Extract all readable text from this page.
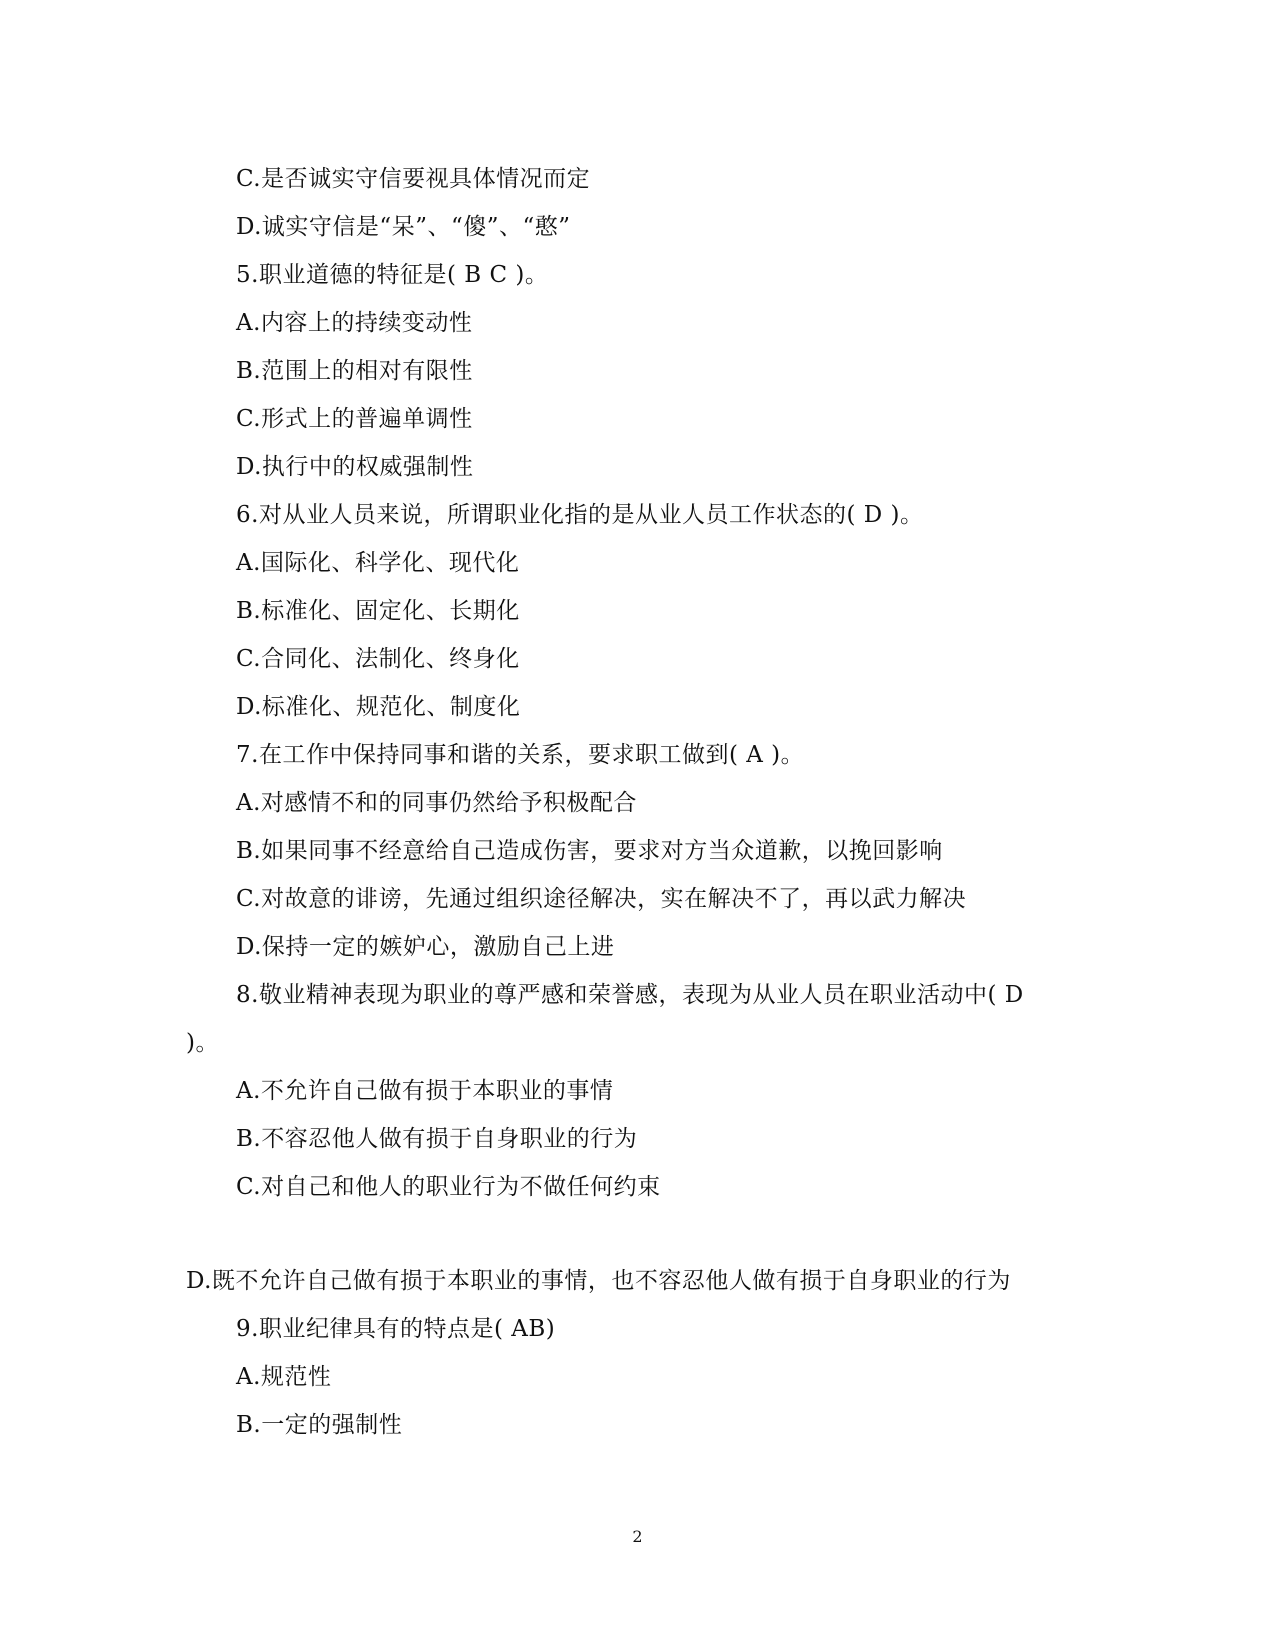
C.是否诚实守信要视具体情况而定
D.诚实守信是“呆”、“傻”、“憨”
5.职业道德的特征是( B C )。
A.内容上的持续变动性
B.范围上的相对有限性
C.形式上的普遍单调性
D.执行中的权威强制性
6.对从业人员来说，所谓职业化指的是从业人员工作状态的( D )。
A.国际化、科学化、现代化
B.标准化、固定化、长期化
C.合同化、法制化、终身化
D.标准化、规范化、制度化
7.在工作中保持同事和谐的关系，要求职工做到( A )。
A.对感情不和的同事仍然给予积极配合
B.如果同事不经意给自己造成伤害，要求对方当众道歉，以挽回影响
C.对故意的诽谤，先通过组织途径解决，实在解决不了，再以武力解决
D.保持一定的嫉妒心，激励自己上进
8.敬业精神表现为职业的尊严感和荣誉感，表现为从业人员在职业活动中( D
)。
A.不允许自己做有损于本职业的事情
B.不容忍他人做有损于自身职业的行为
C.对自己和他人的职业行为不做任何约束
D.既不允许自己做有损于本职业的事情，也不容忍他人做有损于自身职业的行为
9.职业纪律具有的特点是( AB)
A.规范性
B.一定的强制性
2
